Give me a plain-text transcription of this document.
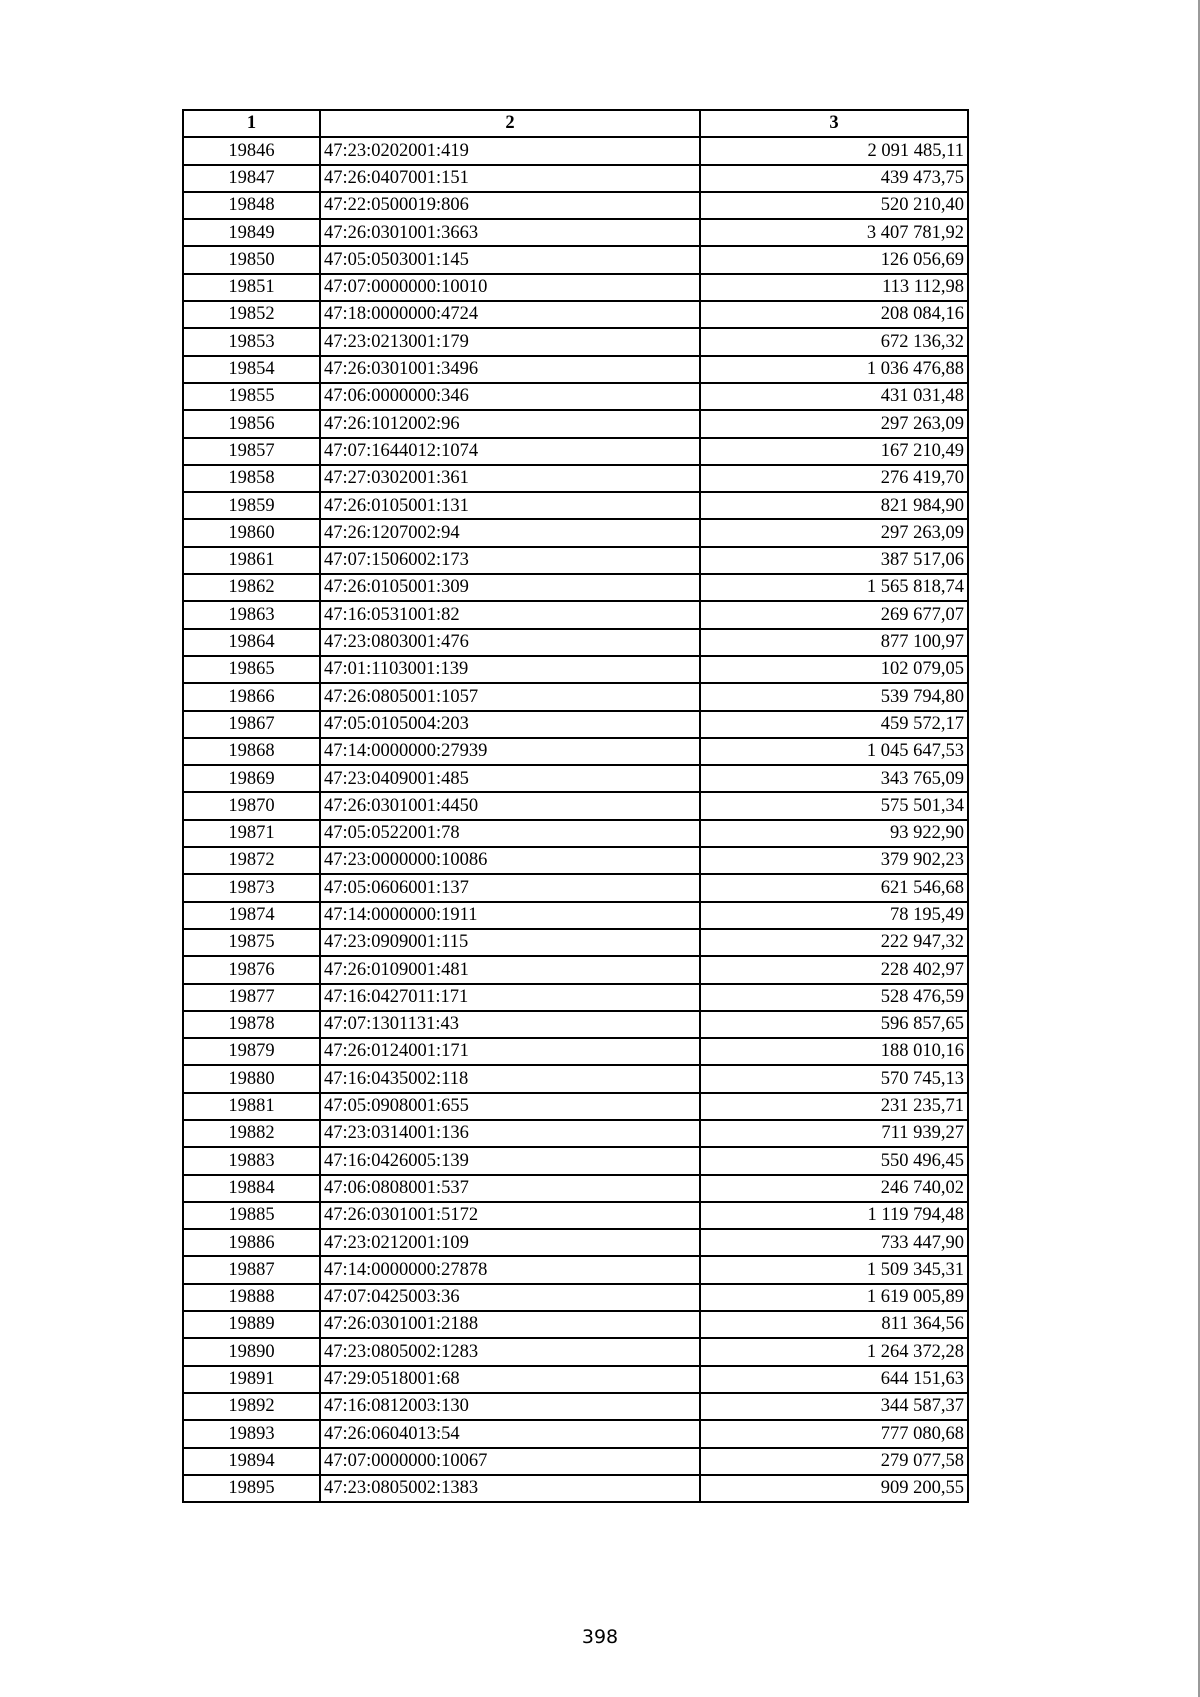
1	2	3
19846	47:23:0202001:419	2 091 485,11
19847	47:26:0407001:151	439 473,75
19848	47:22:0500019:806	520 210,40
19849	47:26:0301001:3663	3 407 781,92
19850	47:05:0503001:145	126 056,69
19851	47:07:0000000:10010	113 112,98
19852	47:18:0000000:4724	208 084,16
19853	47:23:0213001:179	672 136,32
19854	47:26:0301001:3496	1 036 476,88
19855	47:06:0000000:346	431 031,48
19856	47:26:1012002:96	297 263,09
19857	47:07:1644012:1074	167 210,49
19858	47:27:0302001:361	276 419,70
19859	47:26:0105001:131	821 984,90
19860	47:26:1207002:94	297 263,09
19861	47:07:1506002:173	387 517,06
19862	47:26:0105001:309	1 565 818,74
19863	47:16:0531001:82	269 677,07
19864	47:23:0803001:476	877 100,97
19865	47:01:1103001:139	102 079,05
19866	47:26:0805001:1057	539 794,80
19867	47:05:0105004:203	459 572,17
19868	47:14:0000000:27939	1 045 647,53
19869	47:23:0409001:485	343 765,09
19870	47:26:0301001:4450	575 501,34
19871	47:05:0522001:78	93 922,90
19872	47:23:0000000:10086	379 902,23
19873	47:05:0606001:137	621 546,68
19874	47:14:0000000:1911	78 195,49
19875	47:23:0909001:115	222 947,32
19876	47:26:0109001:481	228 402,97
19877	47:16:0427011:171	528 476,59
19878	47:07:1301131:43	596 857,65
19879	47:26:0124001:171	188 010,16
19880	47:16:0435002:118	570 745,13
19881	47:05:0908001:655	231 235,71
19882	47:23:0314001:136	711 939,27
19883	47:16:0426005:139	550 496,45
19884	47:06:0808001:537	246 740,02
19885	47:26:0301001:5172	1 119 794,48
19886	47:23:0212001:109	733 447,90
19887	47:14:0000000:27878	1 509 345,31
19888	47:07:0425003:36	1 619 005,89
19889	47:26:0301001:2188	811 364,56
19890	47:23:0805002:1283	1 264 372,28
19891	47:29:0518001:68	644 151,63
19892	47:16:0812003:130	344 587,37
19893	47:26:0604013:54	777 080,68
19894	47:07:0000000:10067	279 077,58
19895	47:23:0805002:1383	909 200,55
398
